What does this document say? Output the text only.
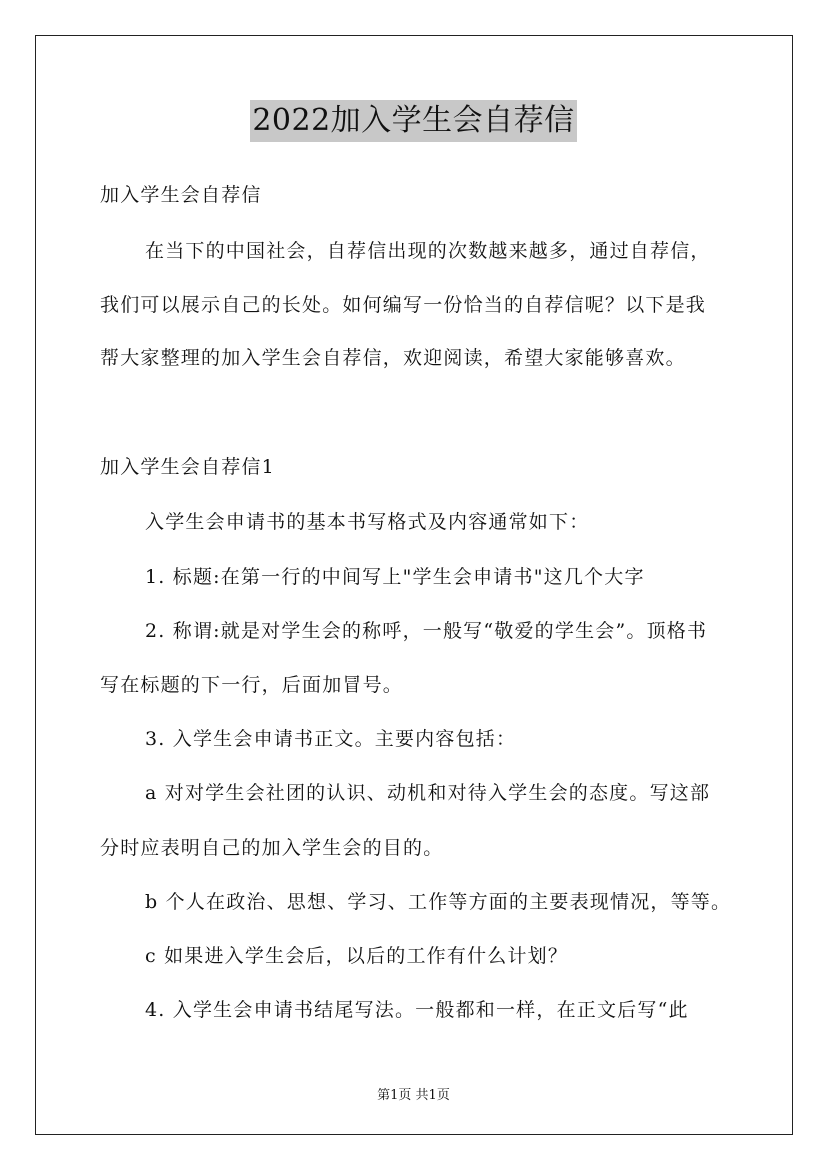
2022加入学生会自荐信
加入学生会自荐信
在当下的中国社会，自荐信出现的次数越来越多，通过自荐信，
我们可以展示自己的长处。如何编写一份恰当的自荐信呢？以下是我
帮大家整理的加入学生会自荐信，欢迎阅读，希望大家能够喜欢。
加入学生会自荐信1
入学生会申请书的基本书写格式及内容通常如下：
1. 标题:在第一行的中间写上"学生会申请书"这几个大字
2. 称谓:就是对学生会的称呼，一般写“敬爱的学生会”。顶格书
写在标题的下一行，后面加冒号。
3. 入学生会申请书正文。主要内容包括：
a 对对学生会社团的认识、动机和对待入学生会的态度。写这部
分时应表明自己的加入学生会的目的。
b 个人在政治、思想、学习、工作等方面的主要表现情况，等等。
c 如果进入学生会后，以后的工作有什么计划？
4. 入学生会申请书结尾写法。一般都和一样，在正文后写“此
第1页 共1页
